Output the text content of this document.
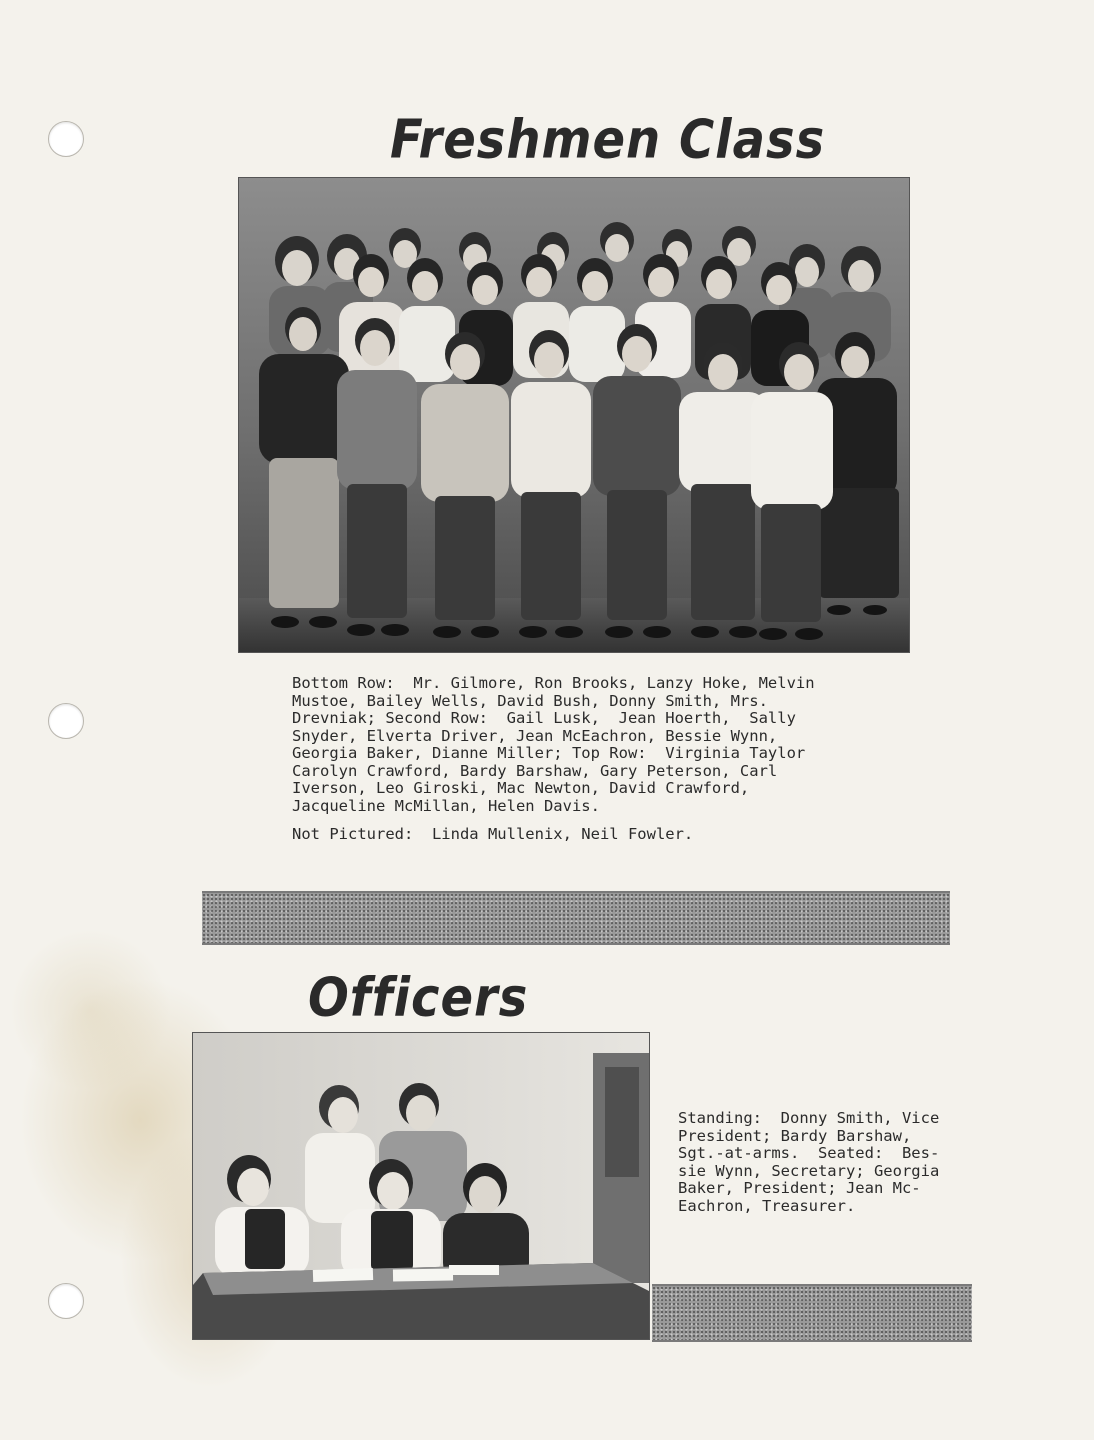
Freshmen Class
Bottom Row:  Mr. Gilmore, Ron Brooks, Lanzy Hoke, Melvin
Mustoe, Bailey Wells, David Bush, Donny Smith, Mrs.
Drevniak; Second Row:  Gail Lusk,  Jean Hoerth,  Sally
Snyder, Elverta Driver, Jean McEachron, Bessie Wynn,
Georgia Baker, Dianne Miller; Top Row:  Virginia Taylor
Carolyn Crawford, Bardy Barshaw, Gary Peterson, Carl
Iverson, Leo Giroski, Mac Newton, David Crawford,
Jacqueline McMillan, Helen Davis.
Not Pictured:  Linda Mullenix, Neil Fowler.
Officers
Standing:  Donny Smith, Vice
President; Bardy Barshaw,
Sgt.-at-arms.  Seated:  Bes-
sie Wynn, Secretary; Georgia
Baker, President; Jean Mc-
Eachron, Treasurer.
